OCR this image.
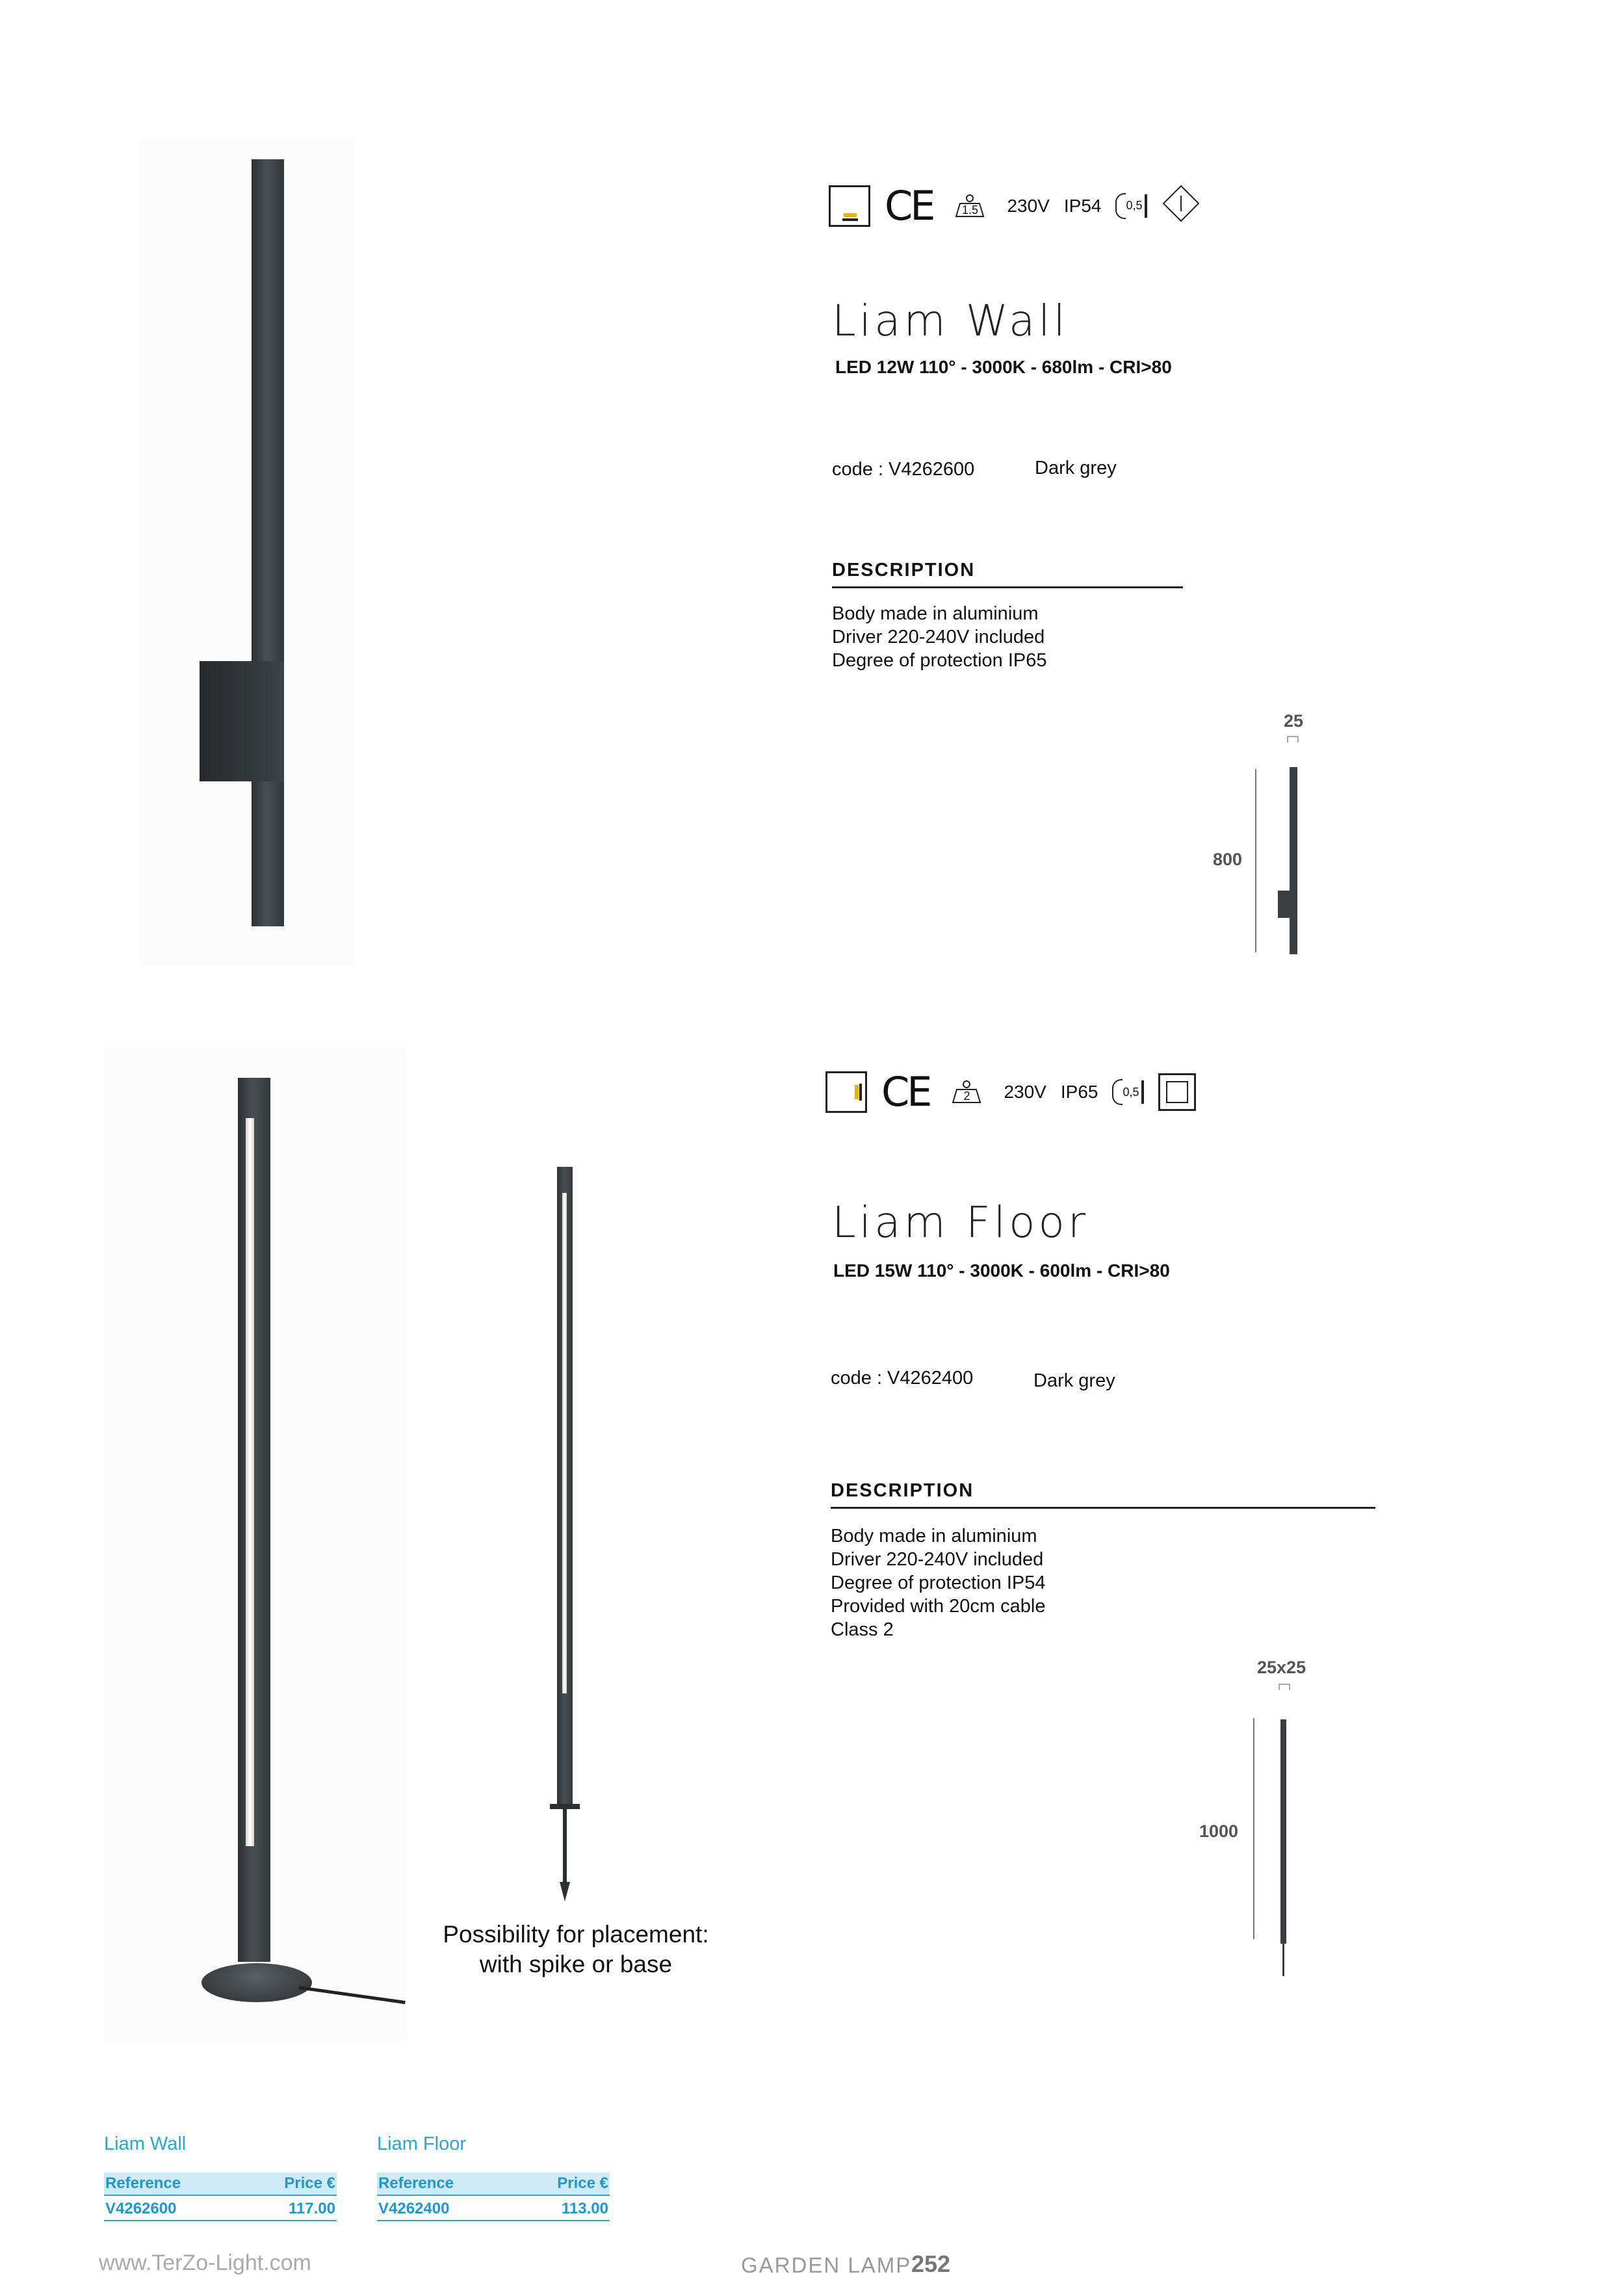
CE	1.5	230V IP54 0,5
Liam Wall
LED 12W 110° - 3000K - 680lm - CRI>80
code : V4262600	Dark grey
DESCRIPTION
Body made in aluminium
Driver 220-240V included
Degree of protection IP65
25
800
Possibility for placement:
with spike or base
CE	2	230V IP65 0,5
Liam Floor
LED 15W 110° - 3000K - 600lm - CRI>80
code : V4262400	Dark grey
DESCRIPTION
Body made in aluminium
Driver 220-240V included
Degree of protection IP54
Provided with 20cm cable
Class 2
25x25
1000
Liam Wall
Reference	Price €
V4262600	117.00
Liam Floor
Reference	Price €
V4262400	113.00
www.TerZo-Light.com	GARDEN LAMP 252
